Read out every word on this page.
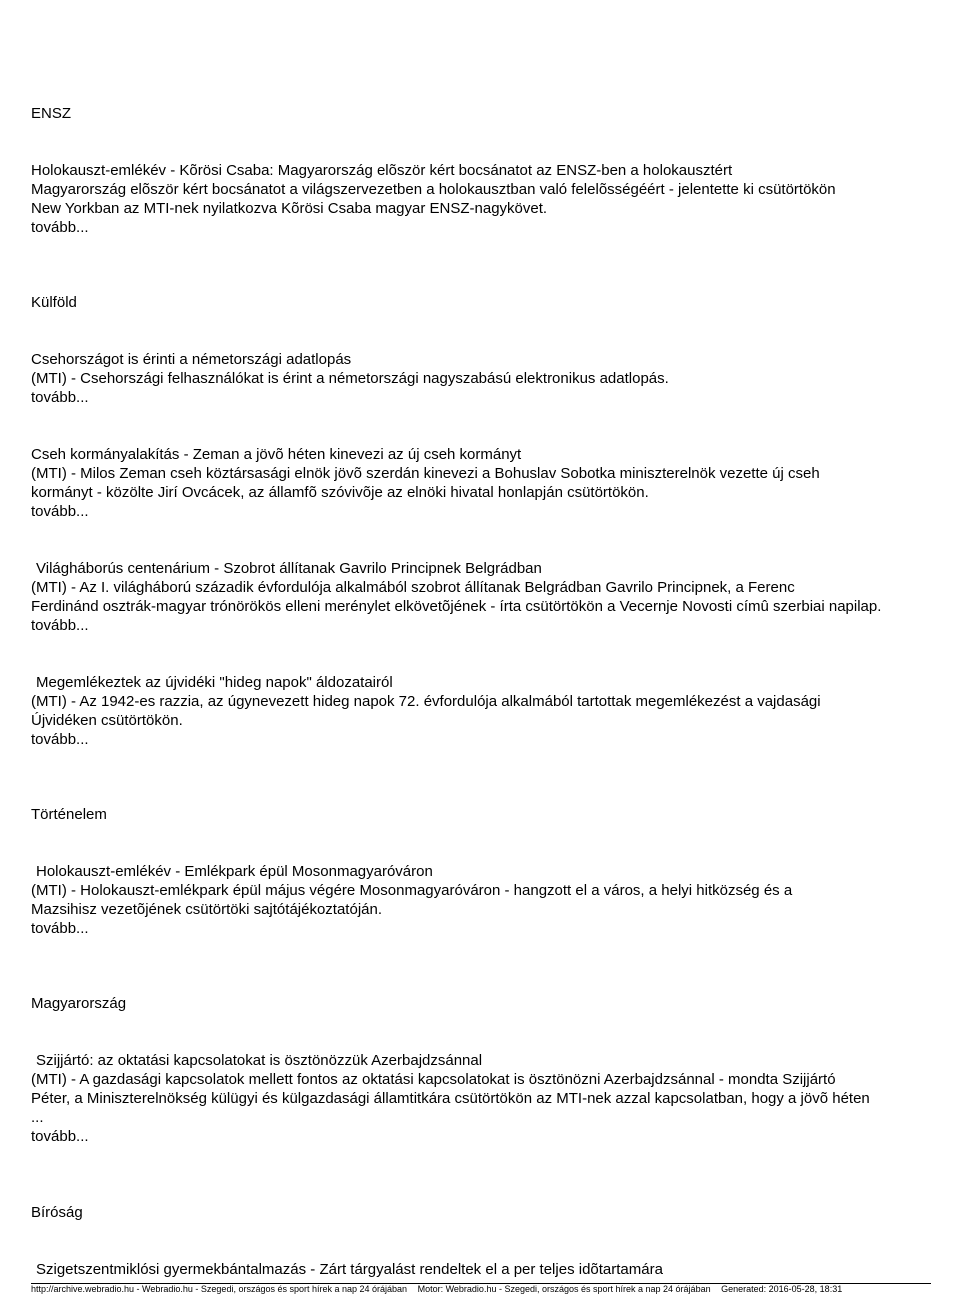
ENSZ

Holokauszt-emlékév - Kõrösi Csaba: Magyarország elõször kért bocsánatot az ENSZ-ben a holokausztért

Magyarország elõször kért bocsánatot a világszervezetben a holokausztban való felelõsségéért - jelentette ki csütörtökön

New Yorkban az MTI-nek nyilatkozva Kõrösi Csaba magyar ENSZ-nagykövet.

tovább...

Külföld

Csehországot is érinti a németországi adatlopás

(MTI) - Csehországi felhasználókat is érint a németországi nagyszabású elektronikus adatlopás.

tovább...

Cseh kormányalakítás - Zeman a jövõ héten kinevezi az új cseh kormányt

(MTI) - Milos Zeman cseh köztársasági elnök jövõ szerdán kinevezi a Bohuslav Sobotka miniszterelnök vezette új cseh

kormányt - közölte Jirí Ovcácek, az államfõ szóvivõje az elnöki hivatal honlapján csütörtökön.

tovább...

Világháborús centenárium - Szobrot állítanak Gavrilo Principnek Belgrádban

(MTI) - Az I. világháború századik évfordulója alkalmából szobrot állítanak Belgrádban Gavrilo Principnek, a Ferenc

Ferdinánd osztrák-magyar trónörökös elleni merénylet elkövetõjének - írta csütörtökön a Vecernje Novosti címû szerbiai napilap.

tovább...

Megemlékeztek az újvidéki "hideg napok" áldozatairól

(MTI) - Az 1942-es razzia, az úgynevezett hideg napok 72. évfordulója alkalmából tartottak megemlékezést a vajdasági

Újvidéken csütörtökön.

tovább...

Történelem

Holokauszt-emlékév - Emlékpark épül Mosonmagyaróváron

(MTI) - Holokauszt-emlékpark épül május végére Mosonmagyaróváron - hangzott el a város, a helyi hitközség és a

Mazsihisz vezetõjének csütörtöki sajtótájékoztatóján.

tovább...

Magyarország

Szijjártó: az oktatási kapcsolatokat is ösztönözzük Azerbajdzsánnal

(MTI) - A gazdasági kapcsolatok mellett fontos az oktatási kapcsolatokat is ösztönözni Azerbajdzsánnal - mondta Szijjártó

Péter, a Miniszterelnökség külügyi és külgazdasági államtitkára csütörtökön az MTI-nek azzal kapcsolatban, hogy a jövõ héten

...

tovább...

Bíróság

Szigetszentmiklósi gyermekbántalmazás - Zárt tárgyalást rendeltek el a per teljes idõtartamára

http://archive.webradio.hu - Webradio.hu - Szegedi, országos és sport hírek a nap 24 órájában Motor: Webradio.hu - Szegedi, országos és sport hírek a nap 24 órájában Generated: 2016-05-28, 18:31
